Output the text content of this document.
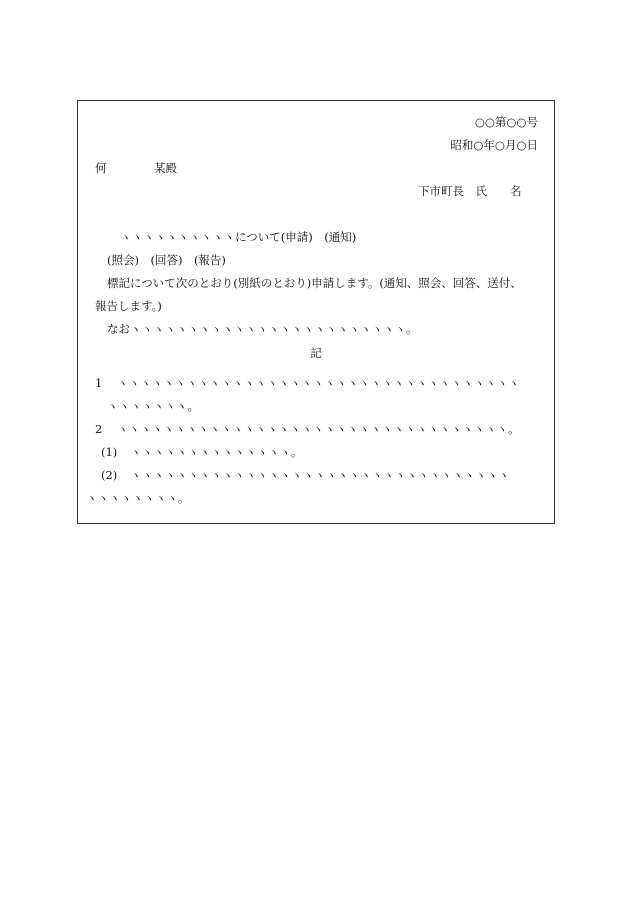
○○第○○号
昭和○年○月○日
何	某殿
下市町長　氏　　名
ヽヽヽヽヽヽヽヽヽヽについて(申請)　(通知)
(照会)　(回答)　(報告)
標記について次のとおり(別紙のとおり)申請します。(通知、照会、回答、送付、
報告します。)
なおヽヽヽヽヽヽヽヽヽヽヽヽヽヽヽヽヽヽヽヽヽヽヽヽ。
記
1 ヽヽヽヽヽヽヽヽヽヽヽヽヽヽヽヽヽヽヽヽヽヽヽヽヽヽヽヽヽヽヽヽヽヽヽ
ヽヽヽヽヽヽヽ。
2 ヽヽヽヽヽヽヽヽヽヽヽヽヽヽヽヽヽヽヽヽヽヽヽヽヽヽヽヽヽヽヽヽヽヽ。
(1) ヽヽヽヽヽヽヽヽヽヽヽヽヽヽ。
(2) ヽヽヽヽヽヽヽヽヽヽヽヽヽヽヽヽヽヽヽヽヽヽヽヽヽヽヽヽヽヽヽヽヽ
ヽヽヽヽヽヽヽヽ。
